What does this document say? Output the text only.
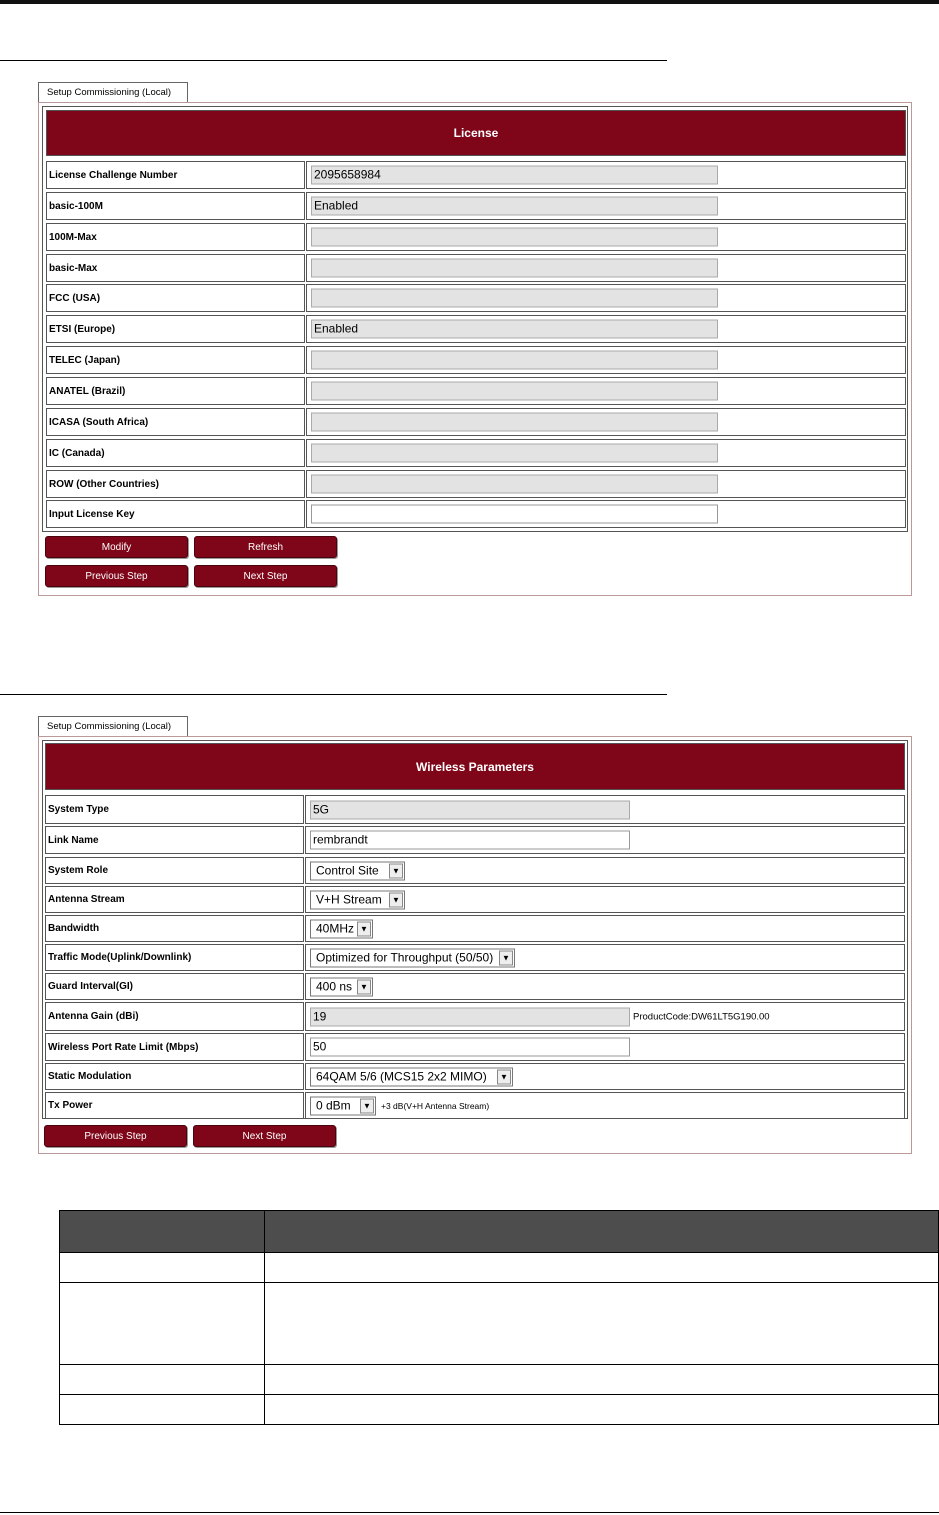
Setup Commissioning (Local)
License
License Challenge Number	2095658984
basic-100M	Enabled
100M-Max
basic-Max
FCC (USA)
ETSI (Europe)	Enabled
TELEC (Japan)
ANATEL (Brazil)
ICASA (South Africa)
IC (Canada)
ROW (Other Countries)
Input License Key
Modify	Refresh
Previous Step	Next Step
Setup Commissioning (Local)
Wireless Parameters
System Type	5G
Link Name	rembrandt
System Role	Control Site	▼
Antenna Stream	V+H Stream	▼
Bandwidth	40MHz ▼
Traffic Mode(Uplink/Downlink)	Optimized for Throughput (50/50)	▼
Guard Interval(GI)	400 ns	▼
Antenna Gain (dBi)	19	ProductCode:DW61LT5G190.00
Wireless Port Rate Limit (Mbps)	50
Static Modulation	64QAM 5/6 (MCS15 2x2 MIMO)	▼
Tx Power	0 dBm	▼	+3 dB(V+H Antenna Stream)
Previous Step	Next Step
